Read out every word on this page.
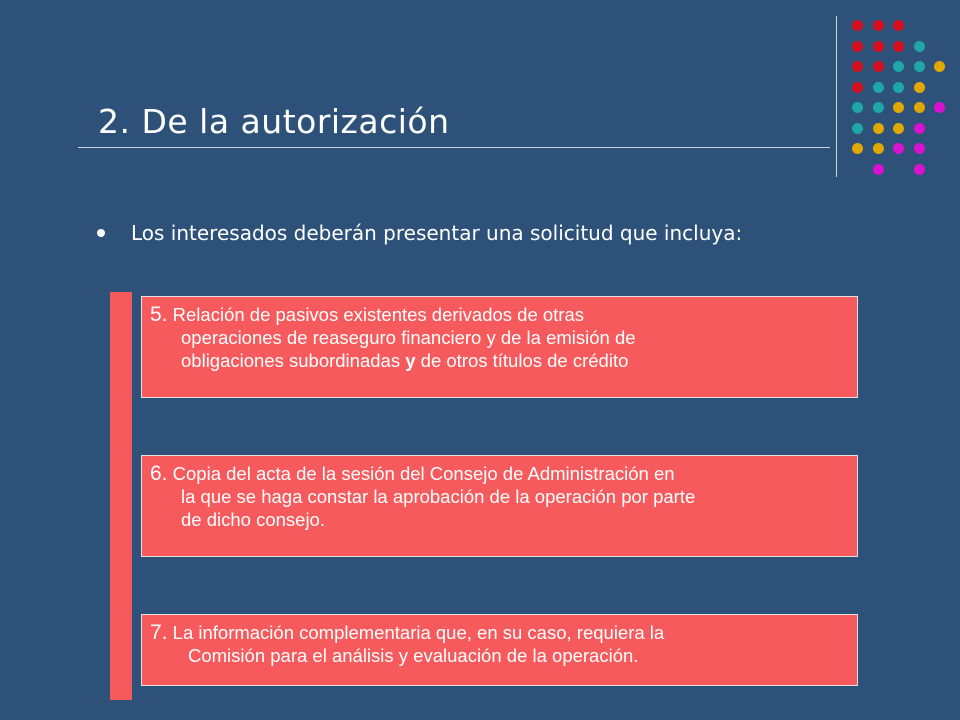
2. De la autorización
Los interesados deberán presentar una solicitud que incluya:
5. Relación de pasivos existentes derivados de otras
operaciones de reaseguro financiero y de la emisión de
obligaciones subordinadas y de otros títulos de crédito
6. Copia del acta de la sesión del Consejo de Administración en
la que se haga constar la aprobación de la operación por parte
de dicho consejo.
7. La información complementaria que, en su caso, requiera la
Comisión para el análisis y evaluación de la operación.
